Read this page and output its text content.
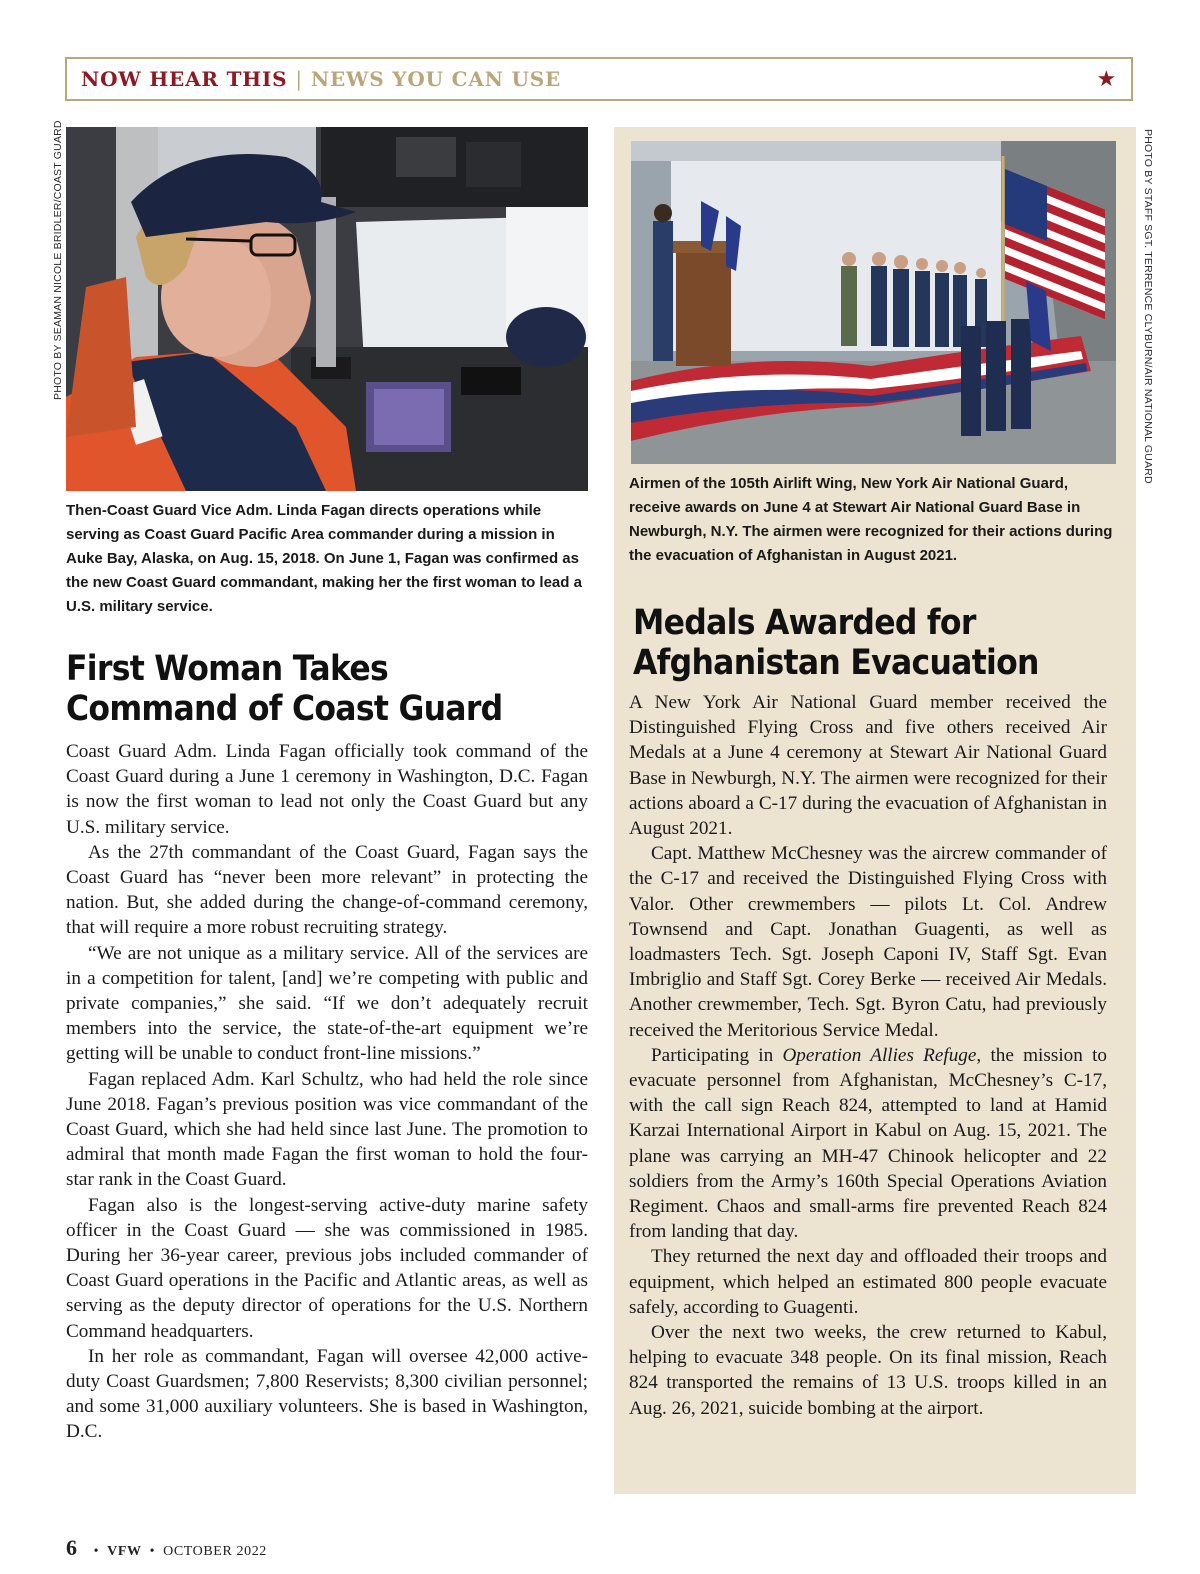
NOW HEAR THIS | NEWS YOU CAN USE	★
PHOTO BY SEAMAN NICOLE BRIDLER/COAST GUARD	PHOTO BY STAFF SGT. TERRENCE CLYBURN/AIR NATIONAL GUARD
Then-Coast Guard Vice Adm. Linda Fagan directs operations while serving as Coast Guard Pacific Area commander during a mission in Auke Bay, Alaska, on Aug. 15, 2018. On June 1, Fagan was confirmed as the new Coast Guard commandant, making her the first woman to lead a U.S. military service.
First Woman Takes
Command of Coast Guard

Coast Guard Adm. Linda Fagan officially took command of the Coast Guard during a June 1 ceremony in Washington, D.C. Fagan is now the first woman to lead not only the Coast Guard but any U.S. military service.

As the 27th commandant of the Coast Guard, Fagan says the Coast Guard has “never been more relevant” in protecting the nation. But, she added during the change-of-command ceremony, that will require a more robust recruiting strategy.

“We are not unique as a military service. All of the services are in a competition for talent, [and] we’re competing with public and private companies,” she said. “If we don’t adequately recruit members into the service, the state-of-the-art equipment we’re getting will be unable to conduct front-line missions.”

Fagan replaced Adm. Karl Schultz, who had held the role since June 2018. Fagan’s previous position was vice commandant of the Coast Guard, which she had held since last June. The promotion to admiral that month made Fagan the first woman to hold the four-star rank in the Coast Guard.

Fagan also is the longest-serving active-duty marine safety officer in the Coast Guard — she was commissioned in 1985. During her 36-year career, previous jobs included commander of Coast Guard operations in the Pacific and Atlantic areas, as well as serving as the deputy director of operations for the U.S. Northern Command headquarters.

In her role as commandant, Fagan will oversee 42,000 active-duty Coast Guardsmen; 7,800 Reservists; 8,300 civilian personnel; and some 31,000 auxiliary volunteers. She is based in Washington, D.C.

Airmen of the 105th Airlift Wing, New York Air National Guard, receive awards on June 4 at Stewart Air National Guard Base in Newburgh, N.Y. The airmen were recognized for their actions during the evacuation of Afghanistan in August 2021.
Medals Awarded for
Afghanistan Evacuation

A New York Air National Guard member received the Distinguished Flying Cross and five others received Air Medals at a June 4 ceremony at Stewart Air National Guard Base in Newburgh, N.Y. The airmen were recognized for their actions aboard a C-17 during the evacuation of Afghanistan in August 2021.

Capt. Matthew McChesney was the aircrew commander of the C-17 and received the Distinguished Flying Cross with Valor. Other crewmembers — pilots Lt. Col. Andrew Townsend and Capt. Jonathan Guagenti, as well as loadmasters Tech. Sgt. Joseph Caponi IV, Staff Sgt. Evan Imbriglio and Staff Sgt. Corey Berke — received Air Medals. Another crewmember, Tech. Sgt. Byron Catu, had previously received the Meritorious Service Medal.

Participating in Operation Allies Refuge, the mission to evacuate personnel from Afghanistan, McChesney’s C-17, with the call sign Reach 824, attempted to land at Hamid Karzai International Airport in Kabul on Aug. 15, 2021. The plane was carrying an MH-47 Chinook helicopter and 22 soldiers from the Army’s 160th Special Operations Aviation Regiment. Chaos and small-arms fire prevented Reach 824 from landing that day.

They returned the next day and offloaded their troops and equipment, which helped an estimated 800 people evacuate safely, according to Guagenti.

Over the next two weeks, the crew returned to Kabul, helping to evacuate 348 people. On its final mission, Reach 824 transported the remains of 13 U.S. troops killed in an Aug. 26, 2021, suicide bombing at the airport.

6 • VFW • OCTOBER 2022
